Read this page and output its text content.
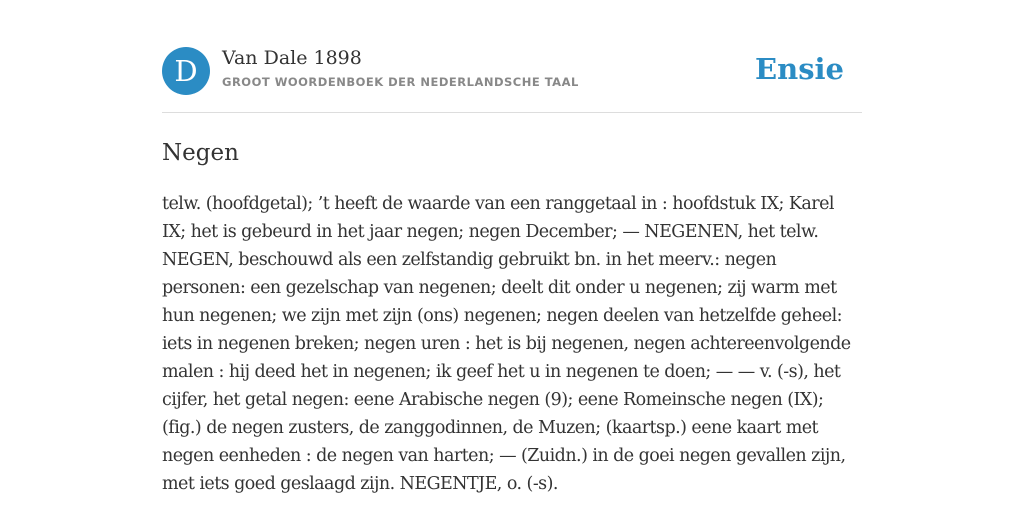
D	Van Dale 1898
GROOT WOORDENBOEK DER NEDERLANDSCHE TAAL	Ensie
Negen

telw. (hoofdgetal); ’t heeft de waarde van een ranggetaal in : hoofdstuk IX; Karel IX; het is gebeurd in het jaar negen; negen December; — NEGENEN, het telw. NEGEN, beschouwd als een zelfstandig gebruikt bn. in het meerv.: negen personen: een gezelschap van negenen; deelt dit onder u negenen; zij warm met hun negenen; we zijn met zijn (ons) negenen; negen deelen van hetzelfde geheel: iets in negenen breken; negen uren : het is bij negenen, negen achtereenvolgende malen : hij deed het in negenen; ik geef het u in negenen te doen; — — v. (-s), het cijfer, het getal negen: eene Arabische negen (9); eene Romeinsche negen (IX); (fig.) de negen zusters, de zanggodinnen, de Muzen; (kaartsp.) eene kaart met negen eenheden : de negen van harten; — (Zuidn.) in de goei negen gevallen zijn, met iets goed geslaagd zijn. NEGENTJE, o. (-s).
